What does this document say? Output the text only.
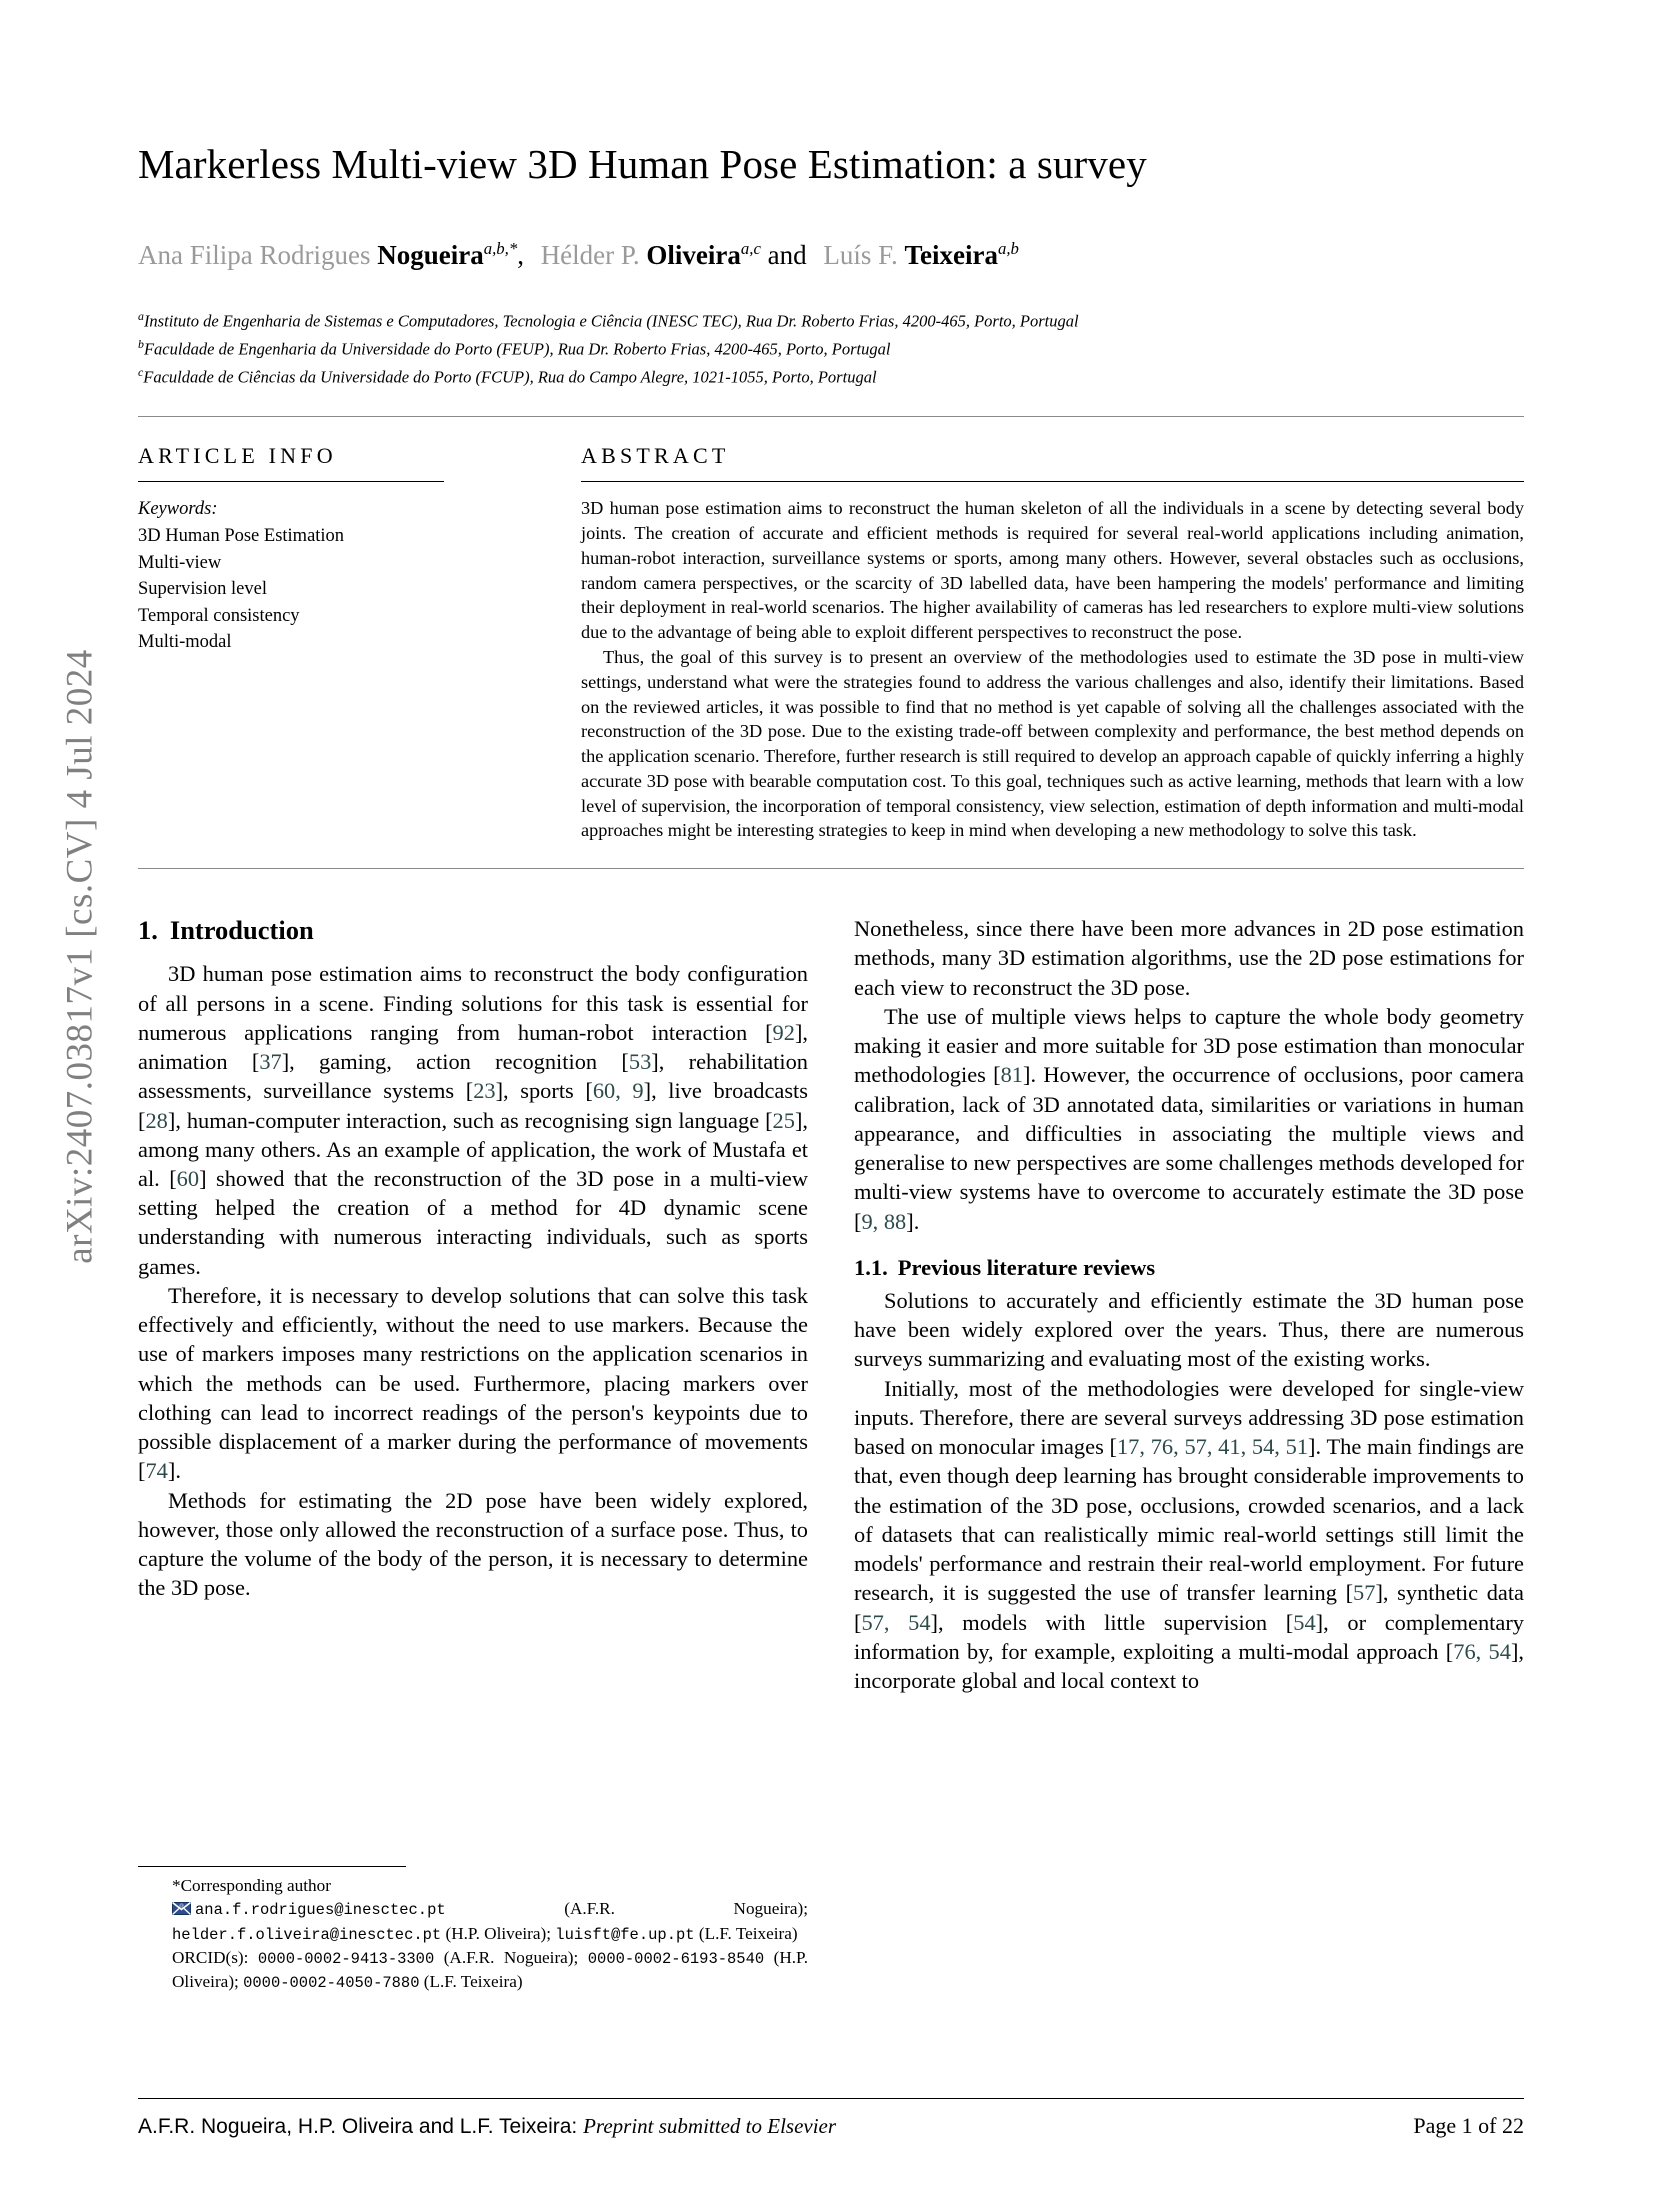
arXiv:2407.03817v1 [cs.CV] 4 Jul 2024
Markerless Multi-view 3D Human Pose Estimation: a survey
Ana Filipa Rodrigues Nogueira$^{a,b,*}$, Hélder P. Oliveira$^{a,c}$ and Luís F. Teixeira$^{a,b}$
$^a$Instituto de Engenharia de Sistemas e Computadores, Tecnologia e Ciência (INESC TEC), Rua Dr. Roberto Frias, 4200-465, Porto, Portugal
$^b$Faculdade de Engenharia da Universidade do Porto (FEUP), Rua Dr. Roberto Frias, 4200-465, Porto, Portugal
$^c$Faculdade de Ciências da Universidade do Porto (FCUP), Rua do Campo Alegre, 1021-1055, Porto, Portugal
ARTICLE INFO
Keywords:
3D Human Pose Estimation
Multi-view
Supervision level
Temporal consistency
Multi-modal
ABSTRACT

3D human pose estimation aims to reconstruct the human skeleton of all the individuals in a scene by detecting several body joints. The creation of accurate and efficient methods is required for several real-world applications including animation, human-robot interaction, surveillance systems or sports, among many others. However, several obstacles such as occlusions, random camera perspectives, or the scarcity of 3D labelled data, have been hampering the models' performance and limiting their deployment in real-world scenarios. The higher availability of cameras has led researchers to explore multi-view solutions due to the advantage of being able to exploit different perspectives to reconstruct the pose.

Thus, the goal of this survey is to present an overview of the methodologies used to estimate the 3D pose in multi-view settings, understand what were the strategies found to address the various challenges and also, identify their limitations. Based on the reviewed articles, it was possible to find that no method is yet capable of solving all the challenges associated with the reconstruction of the 3D pose. Due to the existing trade-off between complexity and performance, the best method depends on the application scenario. Therefore, further research is still required to develop an approach capable of quickly inferring a highly accurate 3D pose with bearable computation cost. To this goal, techniques such as active learning, methods that learn with a low level of supervision, the incorporation of temporal consistency, view selection, estimation of depth information and multi-modal approaches might be interesting strategies to keep in mind when developing a new methodology to solve this task.

1. Introduction

3D human pose estimation aims to reconstruct the body configuration of all persons in a scene. Finding solutions for this task is essential for numerous applications ranging from human-robot interaction [92], animation [37], gaming, action recognition [53], rehabilitation assessments, surveillance systems [23], sports [60, 9], live broadcasts [28], human-computer interaction, such as recognising sign language [25], among many others. As an example of application, the work of Mustafa et al. [60] showed that the reconstruction of the 3D pose in a multi-view setting helped the creation of a method for 4D dynamic scene understanding with numerous interacting individuals, such as sports games.

Therefore, it is necessary to develop solutions that can solve this task effectively and efficiently, without the need to use markers. Because the use of markers imposes many restrictions on the application scenarios in which the methods can be used. Furthermore, placing markers over clothing can lead to incorrect readings of the person's keypoints due to possible displacement of a marker during the performance of movements [74].

Methods for estimating the 2D pose have been widely explored, however, those only allowed the reconstruction of a surface pose. Thus, to capture the volume of the body of the person, it is necessary to determine the 3D pose.

*Corresponding author
@ ana.f.rodrigues@inesctec.pt	(A.F.R. Nogueira); helder.f.oliveira@inesctec.pt (H.P. Oliveira); luisft@fe.up.pt (L.F. Teixeira)
ORCID(s): 0000-0002-9413-3300 (A.F.R. Nogueira); 0000-0002-6193-8540 (H.P. Oliveira); 0000-0002-4050-7880 (L.F. Teixeira)

Nonetheless, since there have been more advances in 2D pose estimation methods, many 3D estimation algorithms, use the 2D pose estimations for each view to reconstruct the 3D pose.

The use of multiple views helps to capture the whole body geometry making it easier and more suitable for 3D pose estimation than monocular methodologies [81]. However, the occurrence of occlusions, poor camera calibration, lack of 3D annotated data, similarities or variations in human appearance, and difficulties in associating the multiple views and generalise to new perspectives are some challenges methods developed for multi-view systems have to overcome to accurately estimate the 3D pose [9, 88].

1.1. Previous literature reviews

Solutions to accurately and efficiently estimate the 3D human pose have been widely explored over the years. Thus, there are numerous surveys summarizing and evaluating most of the existing works.

Initially, most of the methodologies were developed for single-view inputs. Therefore, there are several surveys addressing 3D pose estimation based on monocular images [17, 76, 57, 41, 54, 51]. The main findings are that, even though deep learning has brought considerable improvements to the estimation of the 3D pose, occlusions, crowded scenarios, and a lack of datasets that can realistically mimic real-world settings still limit the models' performance and restrain their real-world employment. For future research, it is suggested the use of transfer learning [57], synthetic data [57, 54], models with little supervision [54], or complementary information by, for example, exploiting a multi-modal approach [76, 54], incorporate global and local context to

A.F.R. Nogueira, H.P. Oliveira and L.F. Teixeira: Preprint submitted to Elsevier	Page 1 of 22
